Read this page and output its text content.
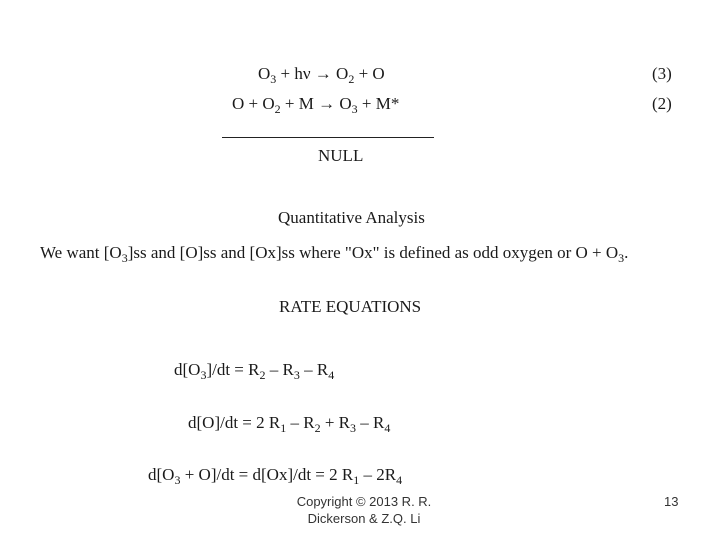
$O_3 + h\nu \to O_2 + O$	(3)
$O + O_2 + M \to O_3 + M*$	(2)
NULL
Quantitative Analysis
We want $[O_3]ss$ and [O]ss and [Ox]ss where "Ox" is defined as odd oxygen or $O + O_3$.
RATE EQUATIONS
$d[O_3]/dt = R_2 - R_3 - R_4$
d[O]/dt = 2 $R_1 - R_2 + R_3 - R_4$
$d[O_3 + O]/dt = d[Ox]/dt = 2$ $R_1 - 2R_4$
Copyright © 2013 R. R.
Dickerson & Z.Q. Li
13
